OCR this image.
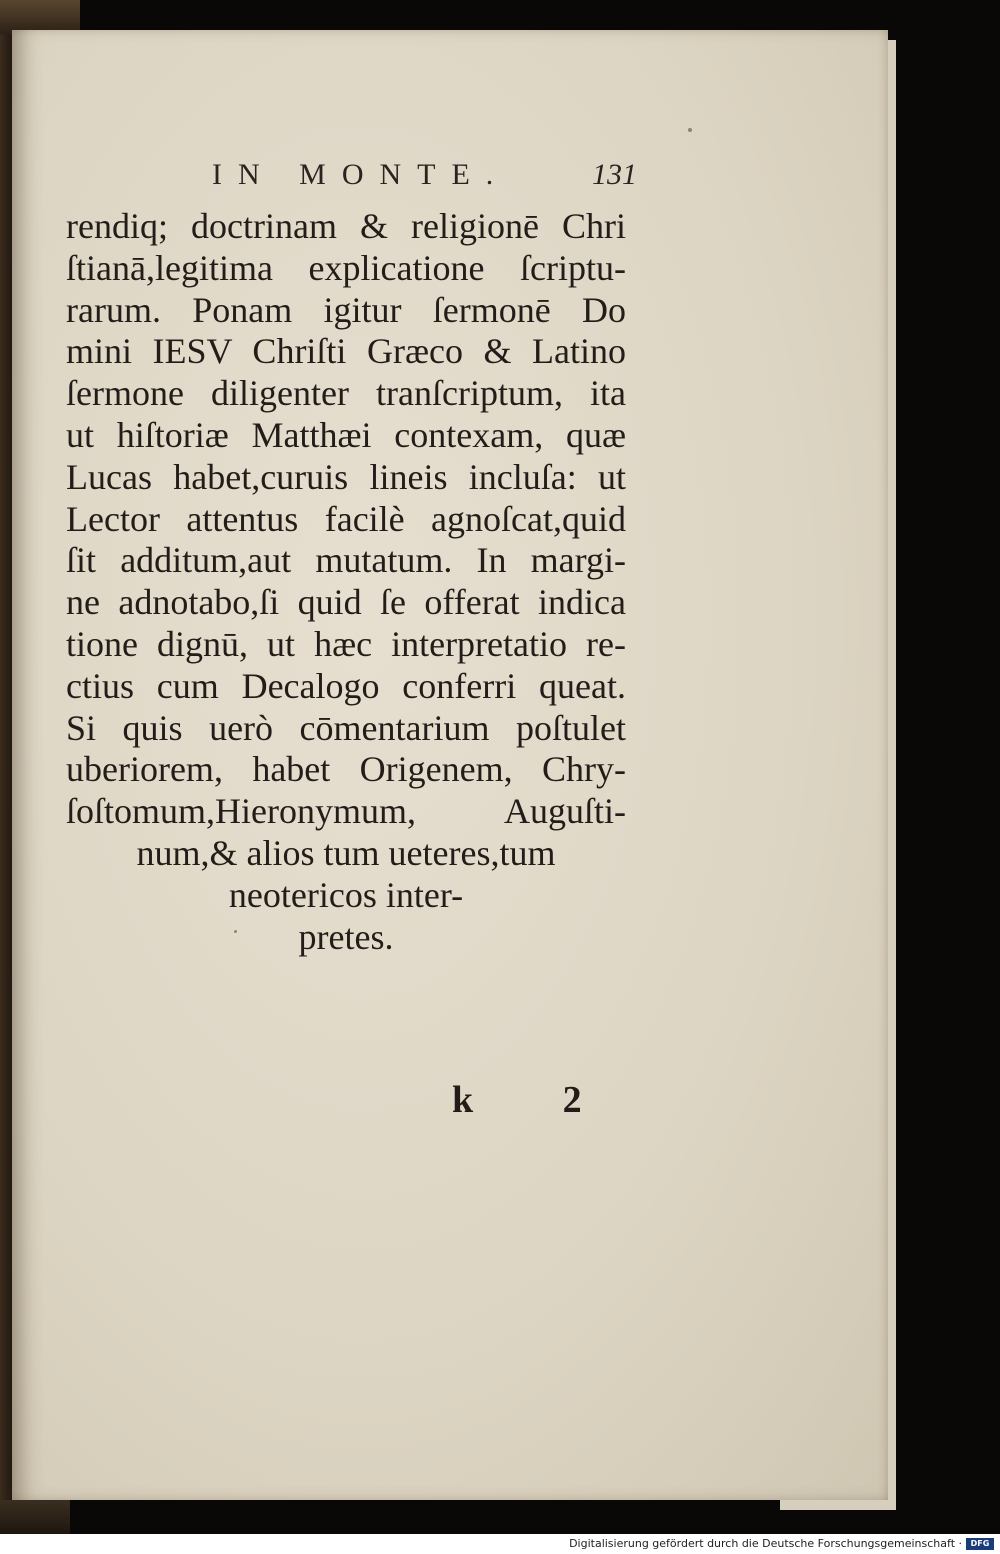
IN MONTE.	131
rendiq; doctrinam & religionē Chri
ſtianā,legitima explicatione ſcriptu-
rarum. Ponam igitur ſermonē Do
mini IESV Chriſti Græco & Latino
ſermone diligenter tranſcriptum, ita
ut hiſtoriæ Matthæi contexam, quæ
Lucas habet,curuis lineis incluſa: ut
Lector attentus facilè agnoſcat,quid
ſit additum,aut mutatum. In margi-
ne adnotabo,ſi quid ſe offerat indica
tione dignū, ut hæc interpretatio re-
ctius cum Decalogo conferri queat.
Si quis uerò cōmentarium poſtulet
uberiorem, habet Origenem, Chry-
ſoſtomum,Hieronymum, Auguſti-
num,& alios tum ueteres,tum
neotericos inter-
pretes.
k 2
Digitalisierung gefördert durch die Deutsche Forschungsgemeinschaft ·	DFG
